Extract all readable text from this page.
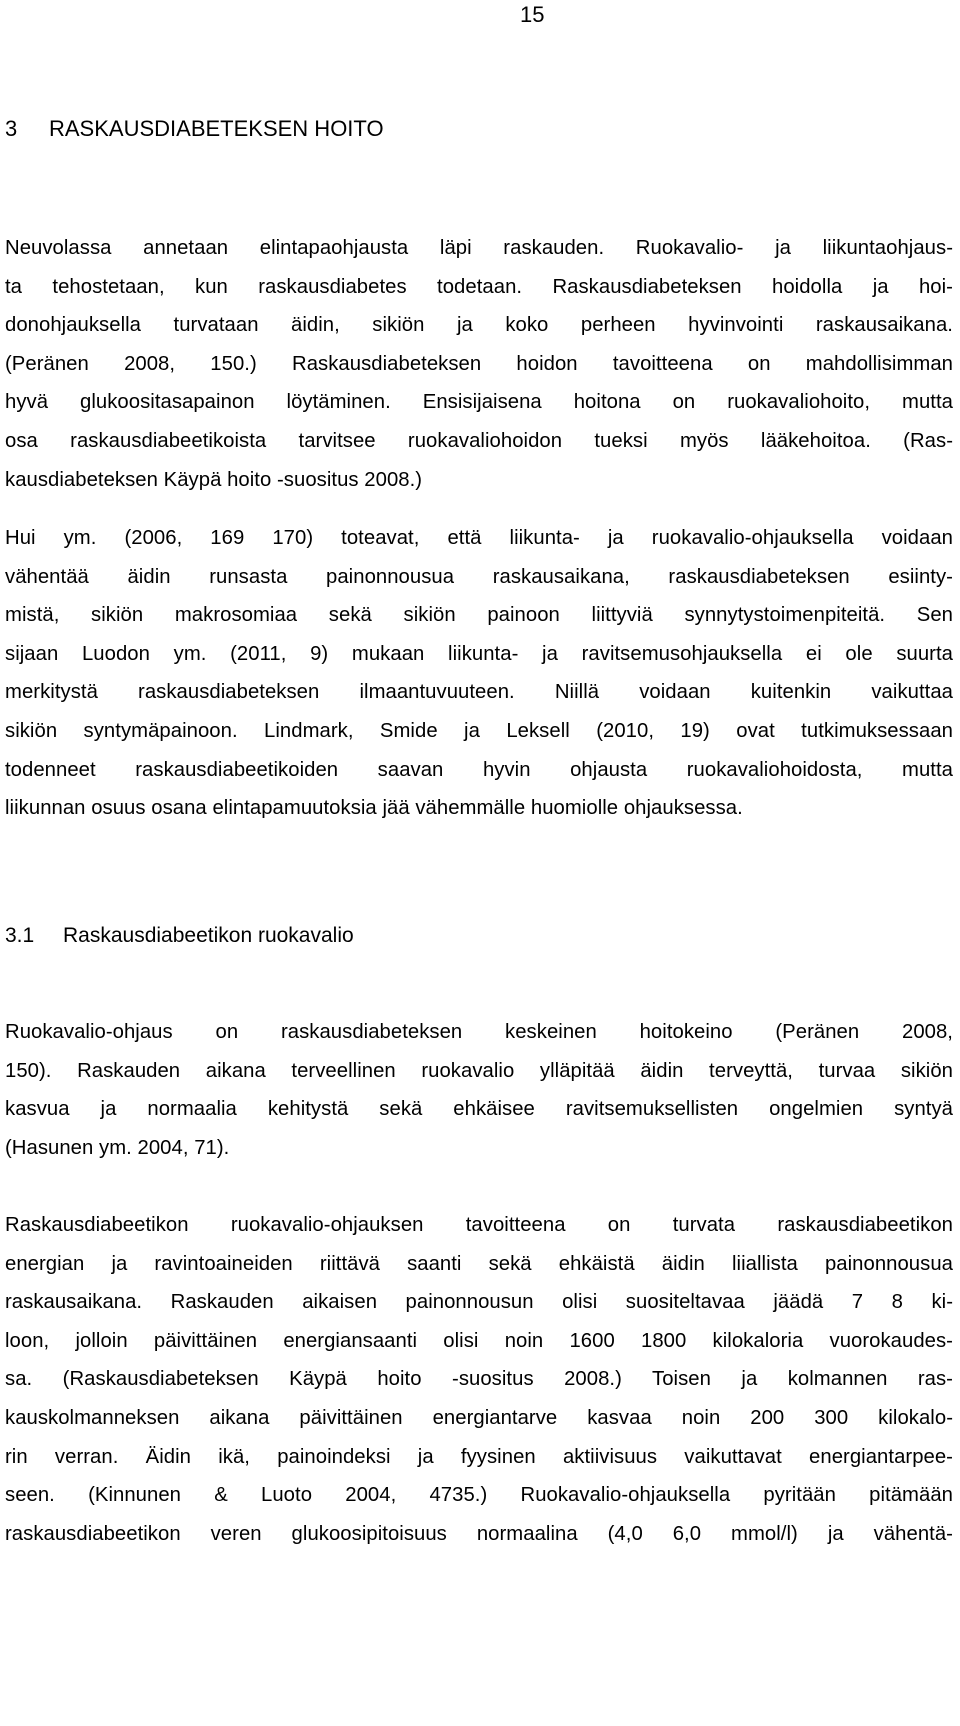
15
3 RASKAUSDIABETEKSEN HOITO
Neuvolassa annetaan elintapaohjausta läpi raskauden. Ruokavalio- ja liikuntaohjaus-
ta tehostetaan, kun raskausdiabetes todetaan. Raskausdiabeteksen hoidolla ja hoi-
donohjauksella turvataan äidin, sikiön ja koko perheen hyvinvointi raskausaikana.
(Peränen 2008, 150.) Raskausdiabeteksen hoidon tavoitteena on mahdollisimman
hyvä glukoositasapainon löytäminen. Ensisijaisena hoitona on ruokavaliohoito, mutta
osa raskausdiabeetikoista tarvitsee ruokavaliohoidon tueksi myös lääkehoitoa. (Ras-
kausdiabeteksen Käypä hoito -suositus 2008.)
Hui ym. (2006, 169 170) toteavat, että liikunta- ja ruokavalio-ohjauksella voidaan
vähentää äidin runsasta painonnousua raskausaikana, raskausdiabeteksen esiinty-
mistä, sikiön makrosomiaa sekä sikiön painoon liittyviä synnytystoimenpiteitä. Sen
sijaan Luodon ym. (2011, 9) mukaan liikunta- ja ravitsemusohjauksella ei ole suurta
merkitystä raskausdiabeteksen ilmaantuvuuteen. Niillä voidaan kuitenkin vaikuttaa
sikiön syntymäpainoon. Lindmark, Smide ja Leksell (2010, 19) ovat tutkimuksessaan
todenneet raskausdiabeetikoiden saavan hyvin ohjausta ruokavaliohoidosta, mutta
liikunnan osuus osana elintapamuutoksia jää vähemmälle huomiolle ohjauksessa.
3.1 Raskausdiabeetikon ruokavalio
Ruokavalio-ohjaus on raskausdiabeteksen keskeinen hoitokeino (Peränen 2008,
150). Raskauden aikana terveellinen ruokavalio ylläpitää äidin terveyttä, turvaa sikiön
kasvua ja normaalia kehitystä sekä ehkäisee ravitsemuksellisten ongelmien syntyä
(Hasunen ym. 2004, 71).
Raskausdiabeetikon ruokavalio-ohjauksen tavoitteena on turvata raskausdiabeetikon
energian ja ravintoaineiden riittävä saanti sekä ehkäistä äidin liiallista painonnousua
raskausaikana. Raskauden aikaisen painonnousun olisi suositeltavaa jäädä 7 8 ki-
loon, jolloin päivittäinen energiansaanti olisi noin 1600 1800 kilokaloria vuorokaudes-
sa. (Raskausdiabeteksen Käypä hoito -suositus 2008.) Toisen ja kolmannen ras-
kauskolmanneksen aikana päivittäinen energiantarve kasvaa noin 200 300 kilokalo-
rin verran. Äidin ikä, painoindeksi ja fyysinen aktiivisuus vaikuttavat energiantarpee-
seen. (Kinnunen & Luoto 2004, 4735.) Ruokavalio-ohjauksella pyritään pitämään
raskausdiabeetikon veren glukoosipitoisuus normaalina (4,0 6,0 mmol/l) ja vähentä-
